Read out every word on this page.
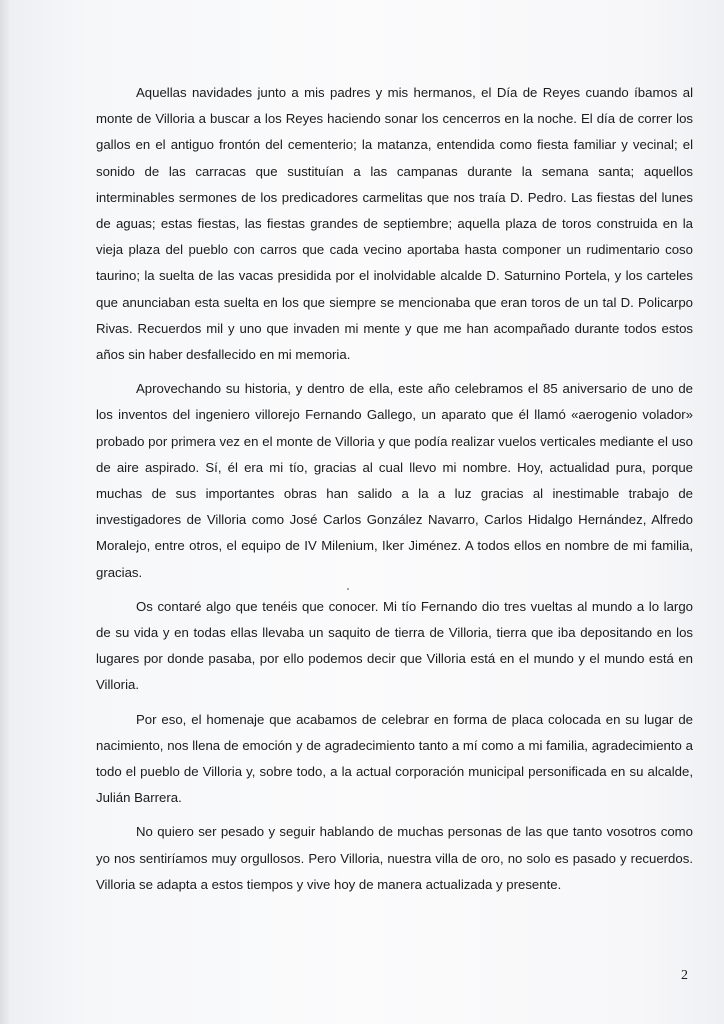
Aquellas navidades junto a mis padres y mis hermanos, el Día de Reyes cuando íbamos al monte de Villoria a buscar a los Reyes haciendo sonar los cencerros en la noche. El día de correr los gallos en el antiguo frontón del cementerio; la matanza, entendida como fiesta familiar y vecinal; el sonido de las carracas que sustituían a las campanas durante la semana santa; aquellos interminables sermones de los predicadores carmelitas que nos traía D. Pedro. Las fiestas del lunes de aguas; estas fiestas, las fiestas grandes de septiembre; aquella plaza de toros construida en la vieja plaza del pueblo con carros que cada vecino aportaba hasta componer un rudimentario coso taurino; la suelta de las vacas presidida por el inolvidable alcalde D. Saturnino Portela, y los carteles que anunciaban esta suelta en los que siempre se mencionaba que eran toros de un tal D. Policarpo Rivas. Recuerdos mil y uno que invaden mi mente y que me han acompañado durante todos estos años sin haber desfallecido en mi memoria.

Aprovechando su historia, y dentro de ella, este año celebramos el 85 aniversario de uno de los inventos del ingeniero villorejo Fernando Gallego, un aparato que él llamó «aerogenio volador» probado por primera vez en el monte de Villoria y que podía realizar vuelos verticales mediante el uso de aire aspirado. Sí, él era mi tío, gracias al cual llevo mi nombre. Hoy, actualidad pura, porque muchas de sus importantes obras han salido a la a luz gracias al inestimable trabajo de investigadores de Villoria como José Carlos González Navarro, Carlos Hidalgo Hernández, Alfredo Moralejo, entre otros, el equipo de IV Milenium, Iker Jiménez. A todos ellos en nombre de mi familia, gracias.

Os contaré algo que tenéis que conocer. Mi tío Fernando dio tres vueltas al mundo a lo largo de su vida y en todas ellas llevaba un saquito de tierra de Villoria, tierra que iba depositando en los lugares por donde pasaba, por ello podemos decir que Villoria está en el mundo y el mundo está en Villoria.

Por eso, el homenaje que acabamos de celebrar en forma de placa colocada en su lugar de nacimiento, nos llena de emoción y de agradecimiento tanto a mí como a mi familia, agradecimiento a todo el pueblo de Villoria y, sobre todo, a la actual corporación municipal personificada en su alcalde, Julián Barrera.

No quiero ser pesado y seguir hablando de muchas personas de las que tanto vosotros como yo nos sentiríamos muy orgullosos. Pero Villoria, nuestra villa de oro, no solo es pasado y recuerdos. Villoria se adapta a estos tiempos y vive hoy de manera actualizada y presente.

2
